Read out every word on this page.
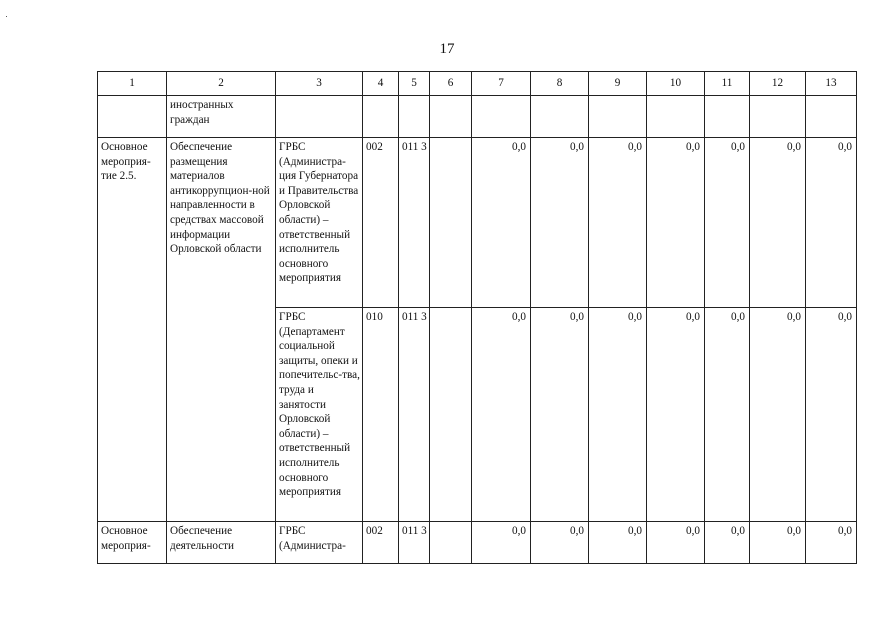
17
1	2	3	4	5	6	7	8	9	10	11	12	13
	иностранных граждан											
Основное мероприя-тие 2.5.	Обеспечение размещения материалов антикоррупцион-ной направленности в средствах массовой информации Орловской области	ГРБС (Администра-ция Губернатора и Правительства Орловской области) – ответственный исполнитель основного мероприятия	002	011 3		0,0	0,0	0,0	0,0	0,0	0,0	0,0
		ГРБС (Департамент социальной защиты, опеки и попечительс-тва, труда и занятости Орловской области) – ответственный исполнитель основного мероприятия	010	011 3		0,0	0,0	0,0	0,0	0,0	0,0	0,0
Основное мероприя-	Обеспечение деятельности	ГРБС (Администра-	002	011 3		0,0	0,0	0,0	0,0	0,0	0,0	0,0
